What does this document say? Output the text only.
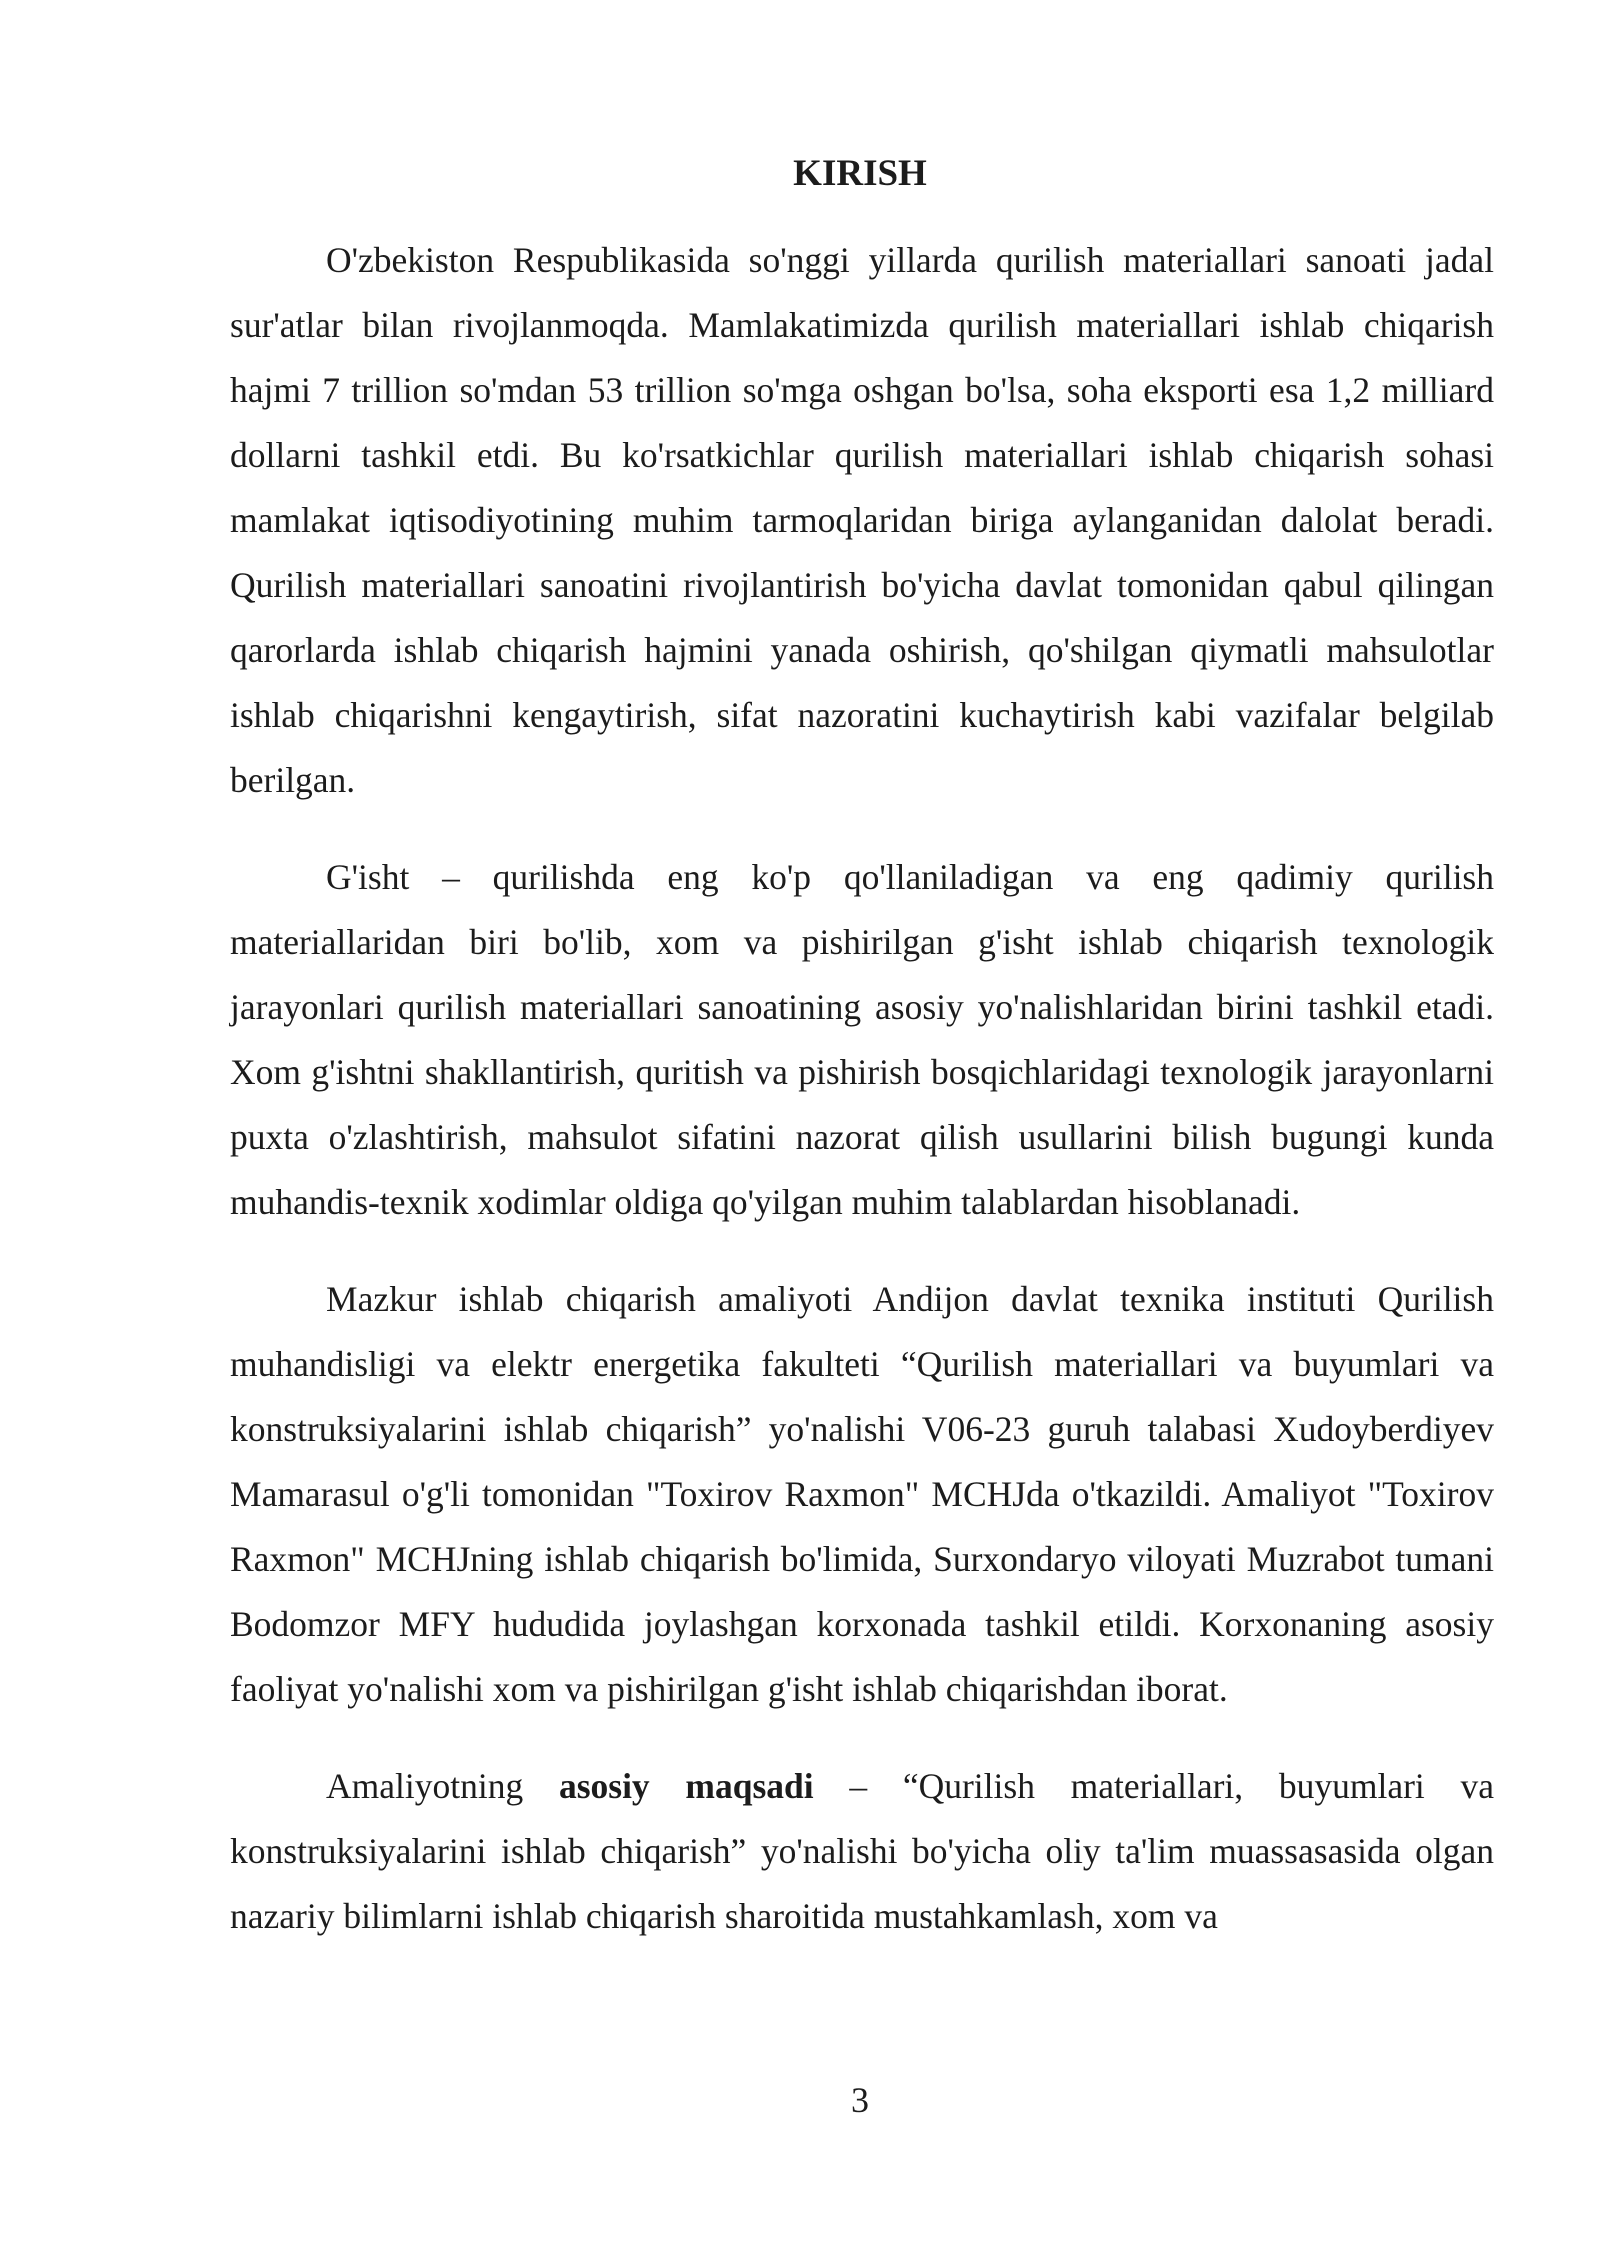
KIRISH

O'zbekiston Respublikasida so'nggi yillarda qurilish materiallari sanoati jadal sur'atlar bilan rivojlanmoqda. Mamlakatimizda qurilish materiallari ishlab chiqarish hajmi 7 trillion so'mdan 53 trillion so'mga oshgan bo'lsa, soha eksporti esa 1,2 milliard dollarni tashkil etdi. Bu ko'rsatkichlar qurilish materiallari ishlab chiqarish sohasi mamlakat iqtisodiyotining muhim tarmoqlaridan biriga aylanganidan dalolat beradi. Qurilish materiallari sanoatini rivojlantirish bo'yicha davlat tomonidan qabul qilingan qarorlarda ishlab chiqarish hajmini yanada oshirish, qo'shilgan qiymatli mahsulotlar ishlab chiqarishni kengaytirish, sifat nazoratini kuchaytirish kabi vazifalar belgilab berilgan.

G'isht – qurilishda eng ko'p qo'llaniladigan va eng qadimiy qurilish materiallaridan biri bo'lib, xom va pishirilgan g'isht ishlab chiqarish texnologik jarayonlari qurilish materiallari sanoatining asosiy yo'nalishlaridan birini tashkil etadi. Xom g'ishtni shakllantirish, quritish va pishirish bosqichlaridagi texnologik jarayonlarni puxta o'zlashtirish, mahsulot sifatini nazorat qilish usullarini bilish bugungi kunda muhandis-texnik xodimlar oldiga qo'yilgan muhim talablardan hisoblanadi.

Mazkur ishlab chiqarish amaliyoti Andijon davlat texnika instituti Qurilish muhandisligi va elektr energetika fakulteti “Qurilish materiallari va buyumlari va konstruksiyalarini ishlab chiqarish” yo'nalishi V06-23 guruh talabasi Xudoyberdiyev Mamarasul o'g'li tomonidan "Toxirov Raxmon" MCHJda o'tkazildi. Amaliyot "Toxirov Raxmon" MCHJning ishlab chiqarish bo'limida, Surxondaryo viloyati Muzrabot tumani Bodomzor MFY hududida joylashgan korxonada tashkil etildi. Korxonaning asosiy faoliyat yo'nalishi xom va pishirilgan g'isht ishlab chiqarishdan iborat.

Amaliyotning asosiy maqsadi – “Qurilish materiallari, buyumlari va konstruksiyalarini ishlab chiqarish” yo'nalishi bo'yicha oliy ta'lim muassasasida olgan nazariy bilimlarni ishlab chiqarish sharoitida mustahkamlash, xom va

3
